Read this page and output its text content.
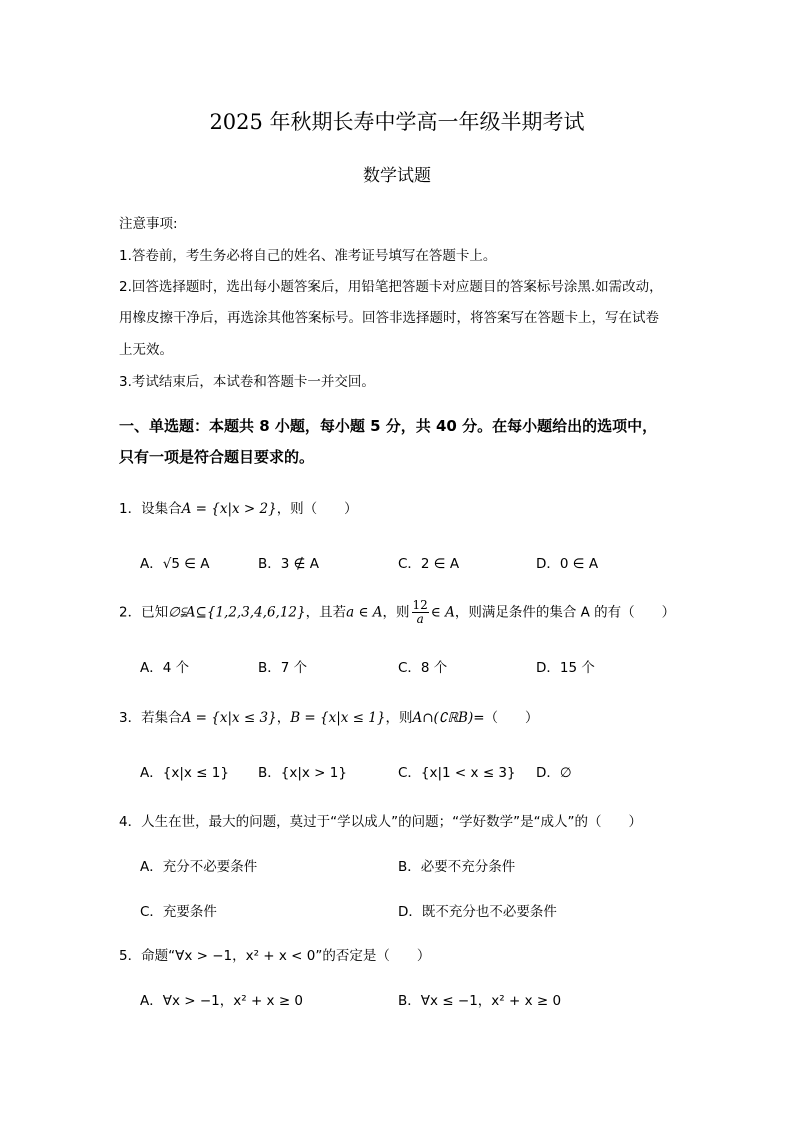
2025 年秋期长寿中学高一年级半期考试
数学试题
注意事项:
1.答卷前，考生务必将自己的姓名、准考证号填写在答题卡上。
2.回答选择题时，选出每小题答案后，用铅笔把答题卡对应题目的答案标号涂黑.如需改动，
用橡皮擦干净后，再选涂其他答案标号。回答非选择题时，将答案写在答题卡上，写在试卷
上无效。
3.考试结束后，本试卷和答题卡一并交回。
一、单选题：本题共 8 小题，每小题 5 分，共 40 分。在每小题给出的选项中，
只有一项是符合题目要求的。
1．设集合A = {x|x > 2}，则（　　）
A．√5 ∈ A	B．3 ∉ A	C．2 ∈ A	D．0 ∈ A
2．已知∅⫋A⊆{1,2,3,4,6,12}，且若a ∈ A，则 $\frac{12}{a}$ ∈ A，则满足条件的集合 A 的有（　　）
A．4 个	B．7 个	C．8 个	D．15 个
3．若集合A = {x|x ≤ 3}，B = {x|x ≤ 1}，则A∩(∁ℝB)=（　　）
A．{x|x ≤ 1} B．{x|x > 1}	C．{x|1 < x ≤ 3} D．∅
4．人生在世，最大的问题，莫过于“学以成人”的问题；“学好数学”是“成人”的（　　）
A．充分不必要条件	B．必要不充分条件
C．充要条件	D．既不充分也不必要条件
5．命题“∀x > −1，x² + x < 0”的否定是（　　）
A．∀x > −1，x² + x ≥ 0	B．∀x ≤ −1，x² + x ≥ 0
